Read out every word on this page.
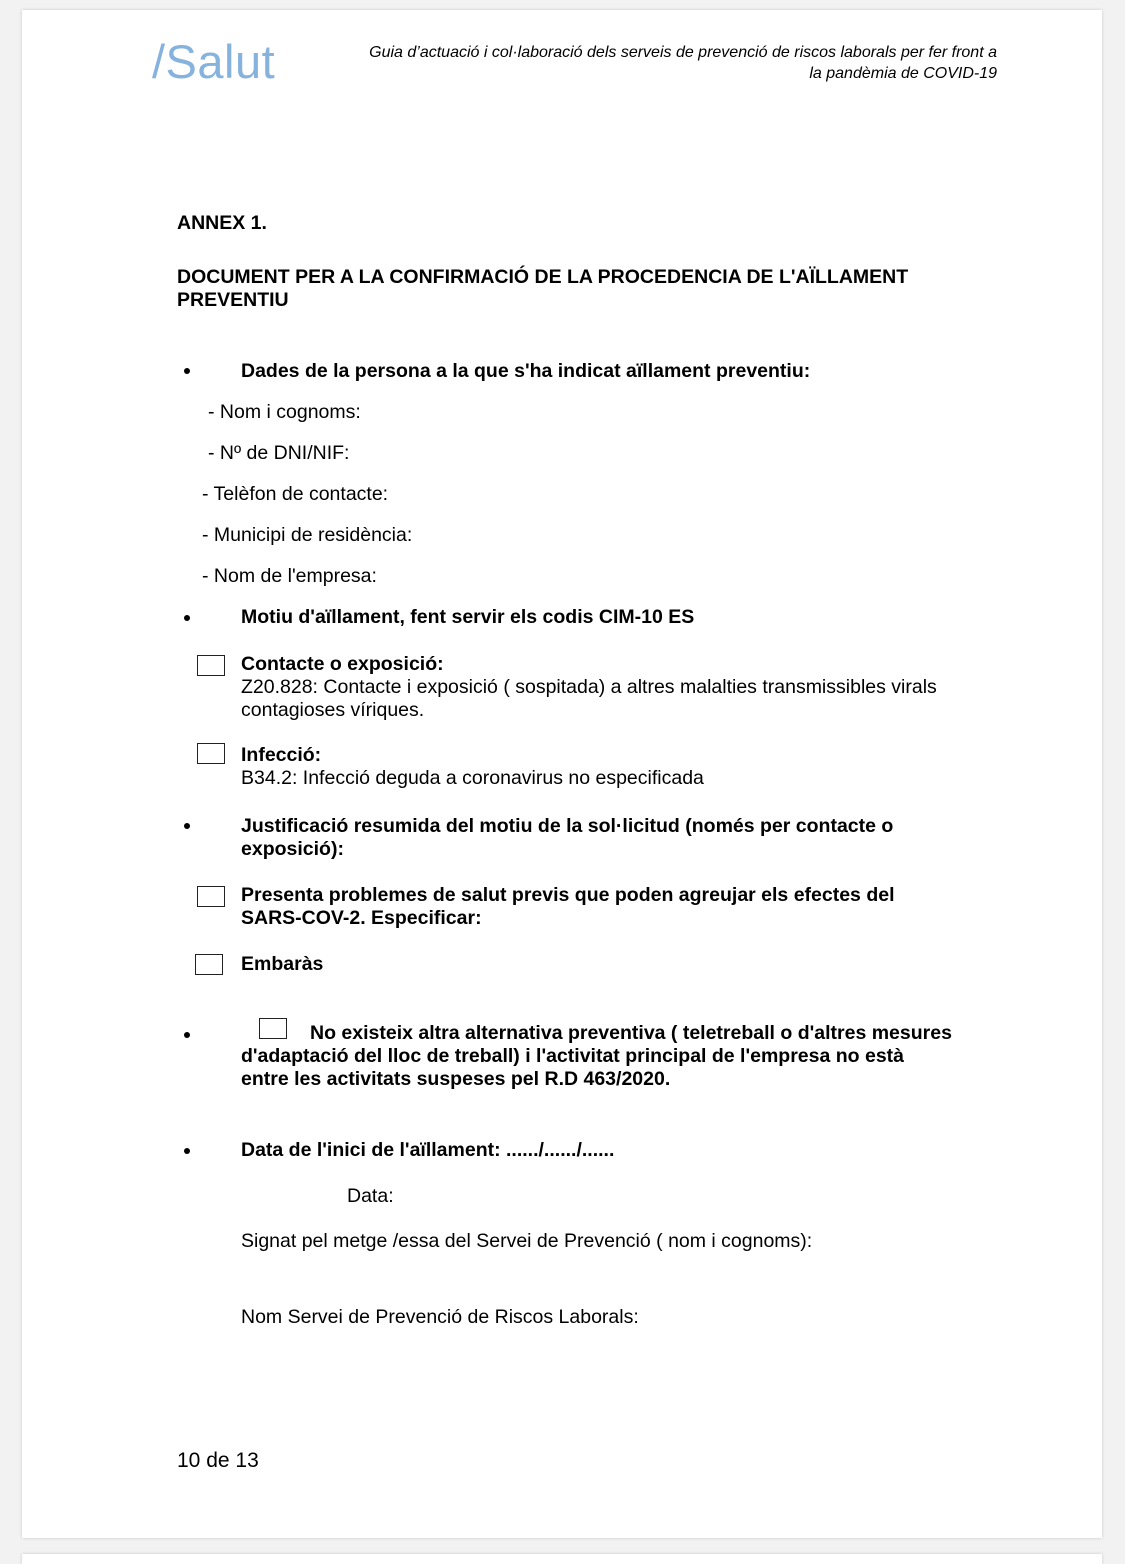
/Salut	Guia d’actuació i col·laboració dels serveis de prevenció de riscos laborals per fer front a
la pandèmia de COVID-19
ANNEX 1.
DOCUMENT PER A LA CONFIRMACIÓ DE LA PROCEDENCIA DE L'AÏLLAMENT
PREVENTIU
Dades de la persona a la que s'ha indicat aïllament preventiu:
- Nom i cognoms:
- Nº de DNI/NIF:
- Telèfon de contacte:
- Municipi de residència:
- Nom de l'empresa:
Motiu d'aïllament, fent servir els codis CIM-10 ES
Contacte o exposició:
Z20.828: Contacte i exposició ( sospitada) a altres malalties transmissibles virals
contagioses víriques.
Infecció:
B34.2: Infecció deguda a coronavirus no especificada
Justificació resumida del motiu de la sol·licitud (només per contacte o
exposició):
Presenta problemes de salut previs que poden agreujar els efectes del
SARS-COV-2. Especificar:
Embaràs
No existeix altra alternativa preventiva ( teletreball o d'altres mesures
d'adaptació del lloc de treball) i l'activitat principal de l'empresa no està
entre les activitats suspeses pel R.D 463/2020.
Data de l'inici de l'aïllament: ....../....../......
Data:
Signat pel metge /essa del Servei de Prevenció ( nom i cognoms):
Nom Servei de Prevenció de Riscos Laborals:
10 de 13
